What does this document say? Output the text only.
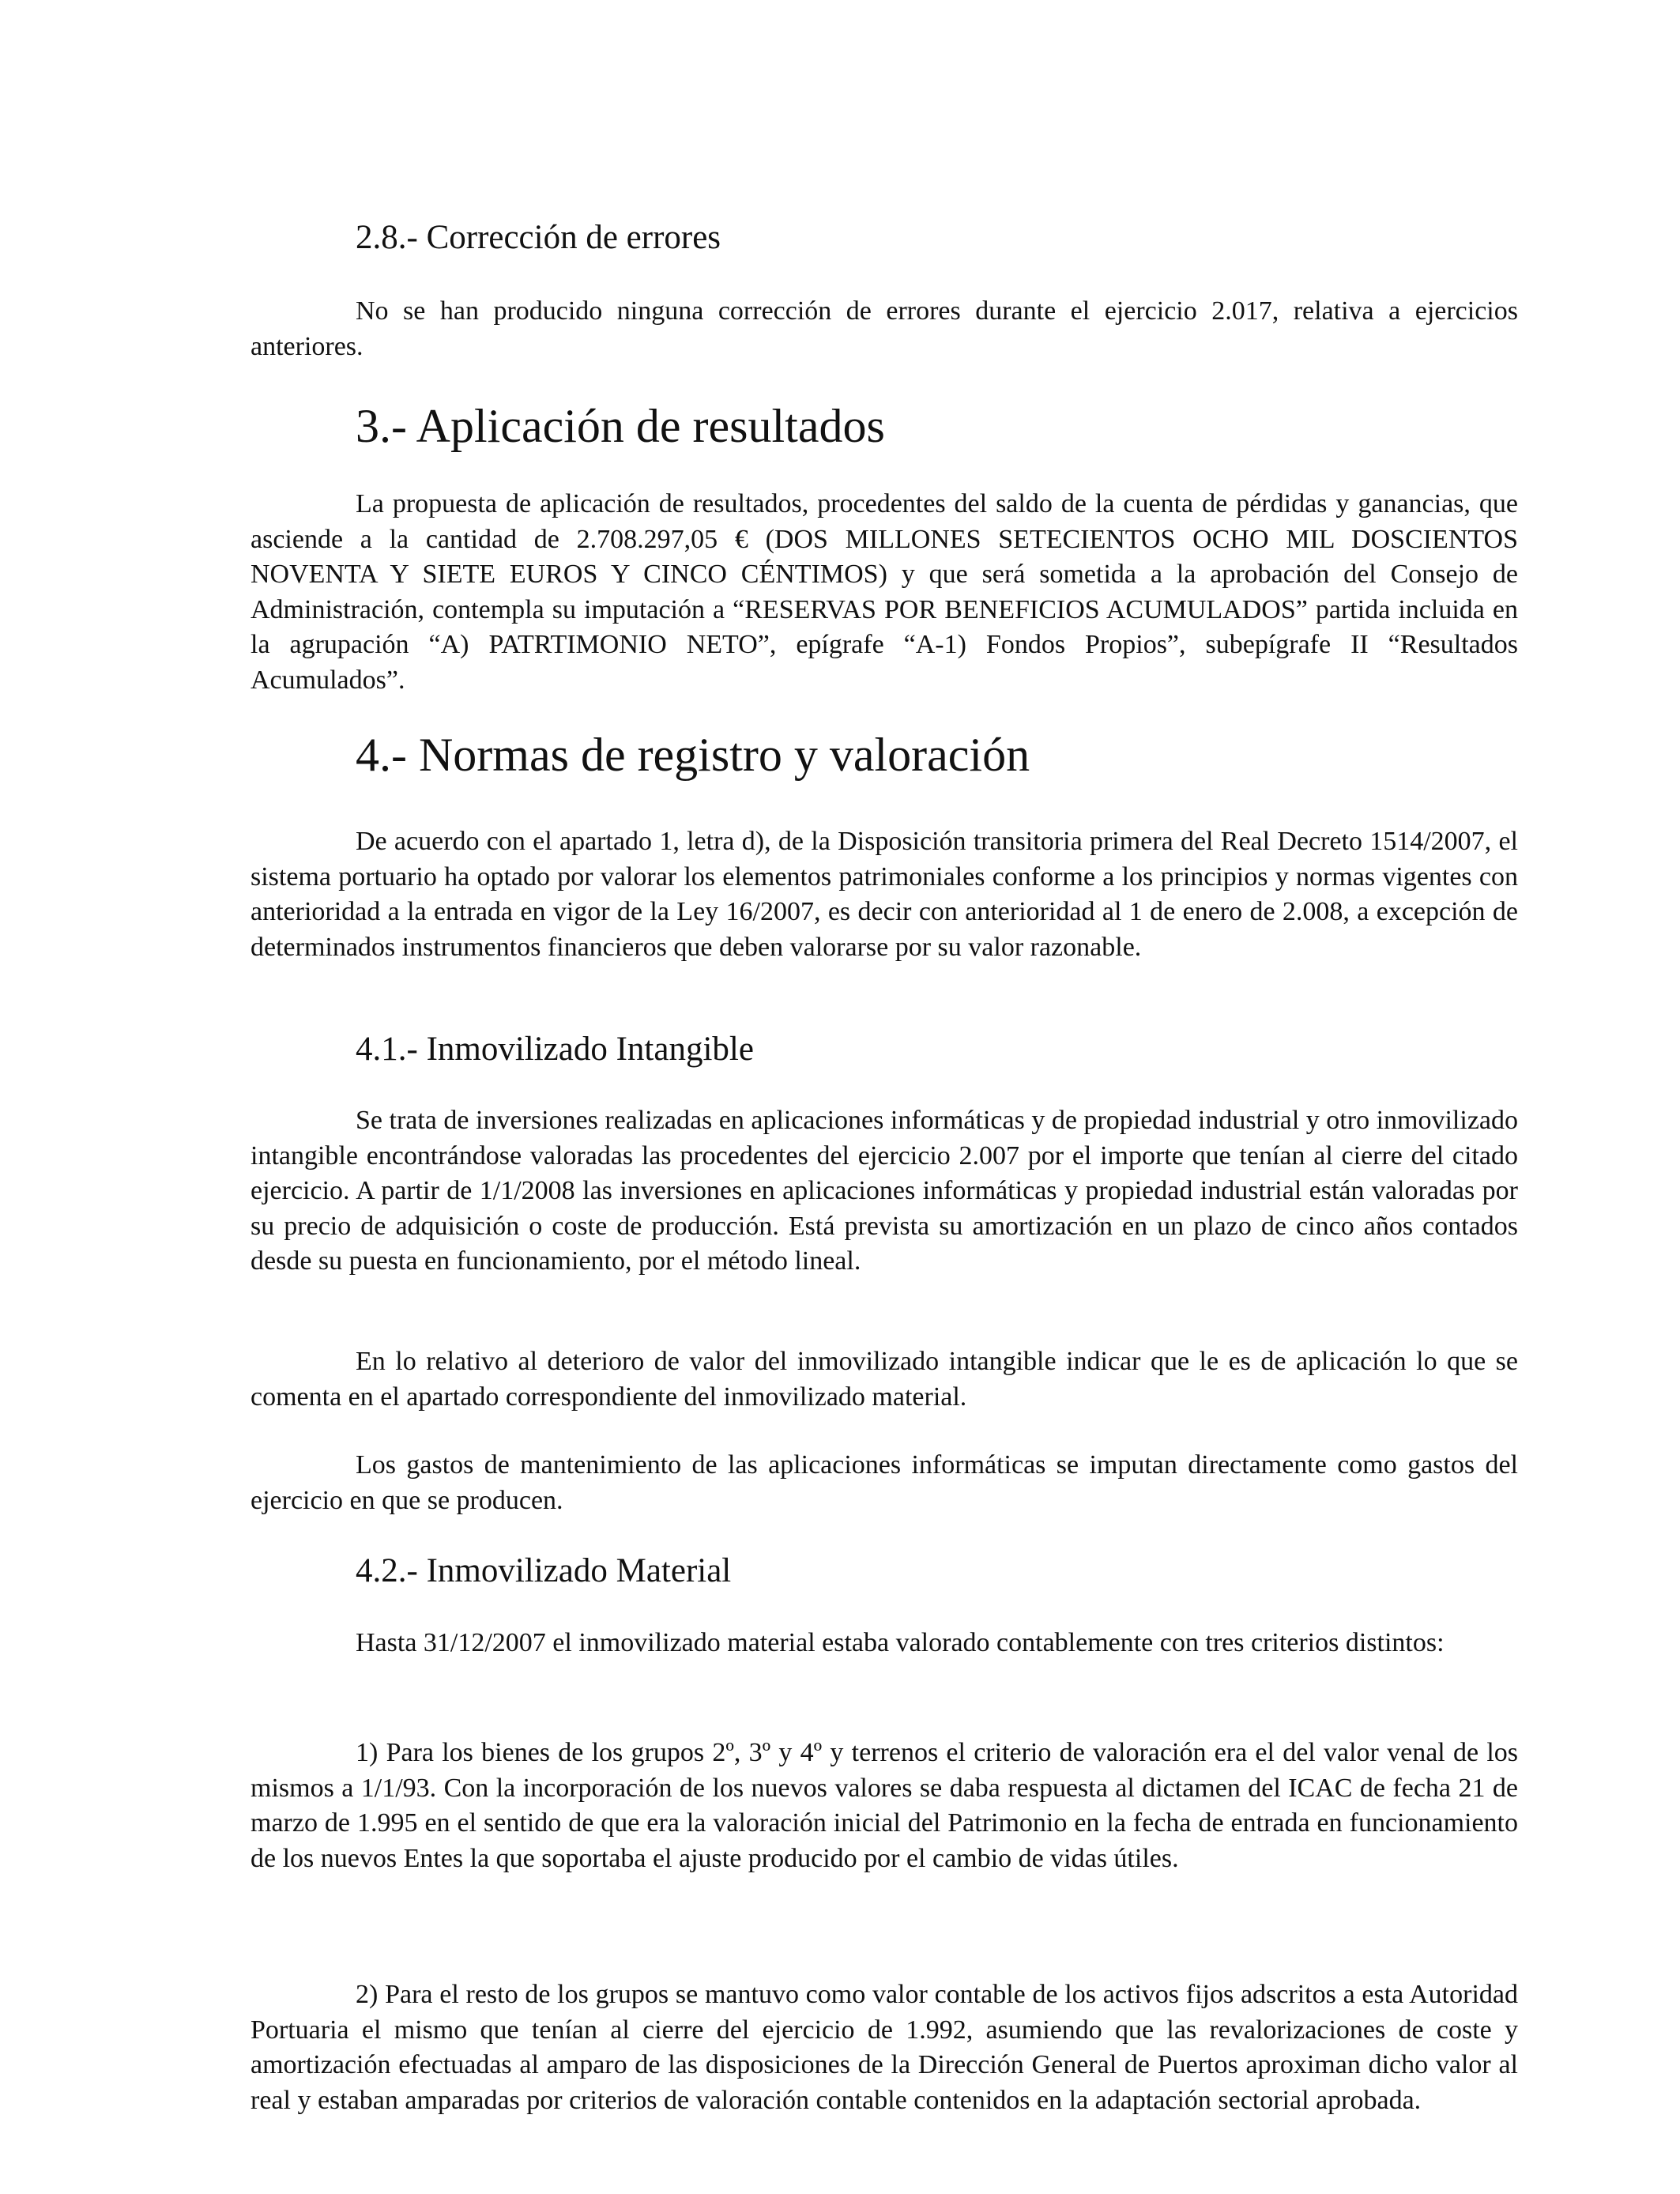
2.8.- Corrección de errores

No se han producido ninguna corrección de errores durante el ejercicio 2.017, relativa a ejercicios anteriores.

3.- Aplicación de resultados

La propuesta de aplicación de resultados, procedentes del saldo de la cuenta de pérdidas y ganancias, que asciende a la cantidad de 2.708.297,05 € (DOS MILLONES SETECIENTOS OCHO MIL DOSCIENTOS NOVENTA Y SIETE EUROS Y CINCO CÉNTIMOS) y que será sometida a la aprobación del Consejo de Administración, contempla su imputación a “RESERVAS POR BENEFICIOS ACUMULADOS” partida incluida en la agrupación “A) PATRTIMONIO NETO”, epígrafe “A-1) Fondos Propios”, subepígrafe II “Resultados Acumulados”.

4.- Normas de registro y valoración

De acuerdo con el apartado 1, letra d), de la Disposición transitoria primera del Real Decreto 1514/2007, el sistema portuario ha optado por valorar los elementos patrimoniales conforme a los principios y normas vigentes con anterioridad a la entrada en vigor de la Ley 16/2007, es decir con anterioridad al 1 de enero de 2.008, a excepción de determinados instrumentos financieros que deben valorarse por su valor razonable.

4.1.- Inmovilizado Intangible

Se trata de inversiones realizadas en aplicaciones informáticas y de propiedad industrial y otro inmovilizado intangible encontrándose valoradas las procedentes del ejercicio 2.007 por el importe que tenían al cierre del citado ejercicio. A partir de 1/1/2008 las inversiones en aplicaciones informáticas y propiedad industrial están valoradas por su precio de adquisición o coste de producción. Está prevista su amortización en un plazo de cinco años contados desde su puesta en funcionamiento, por el método lineal.

En lo relativo al deterioro de valor del inmovilizado intangible indicar que le es de aplicación lo que se comenta en el apartado correspondiente del inmovilizado material.

Los gastos de mantenimiento de las aplicaciones informáticas se imputan directamente como gastos del ejercicio en que se producen.

4.2.- Inmovilizado Material

Hasta 31/12/2007 el inmovilizado material estaba valorado contablemente con tres criterios distintos:

1) Para los bienes de los grupos 2º, 3º y 4º y terrenos el criterio de valoración era el del valor venal de los mismos a 1/1/93. Con la incorporación de los nuevos valores se daba respuesta al dictamen del ICAC de fecha 21 de marzo de 1.995 en el sentido de que era la valoración inicial del Patrimonio en la fecha de entrada en funcionamiento de los nuevos Entes la que soportaba el ajuste producido por el cambio de vidas útiles.

2) Para el resto de los grupos se mantuvo como valor contable de los activos fijos adscritos a esta Autoridad Portuaria el mismo que tenían al cierre del ejercicio de 1.992, asumiendo que las revalorizaciones de coste y amortización efectuadas al amparo de las disposiciones de la Dirección General de Puertos aproximan dicho valor al real y estaban amparadas por criterios de valoración contable contenidos en la adaptación sectorial aprobada.
